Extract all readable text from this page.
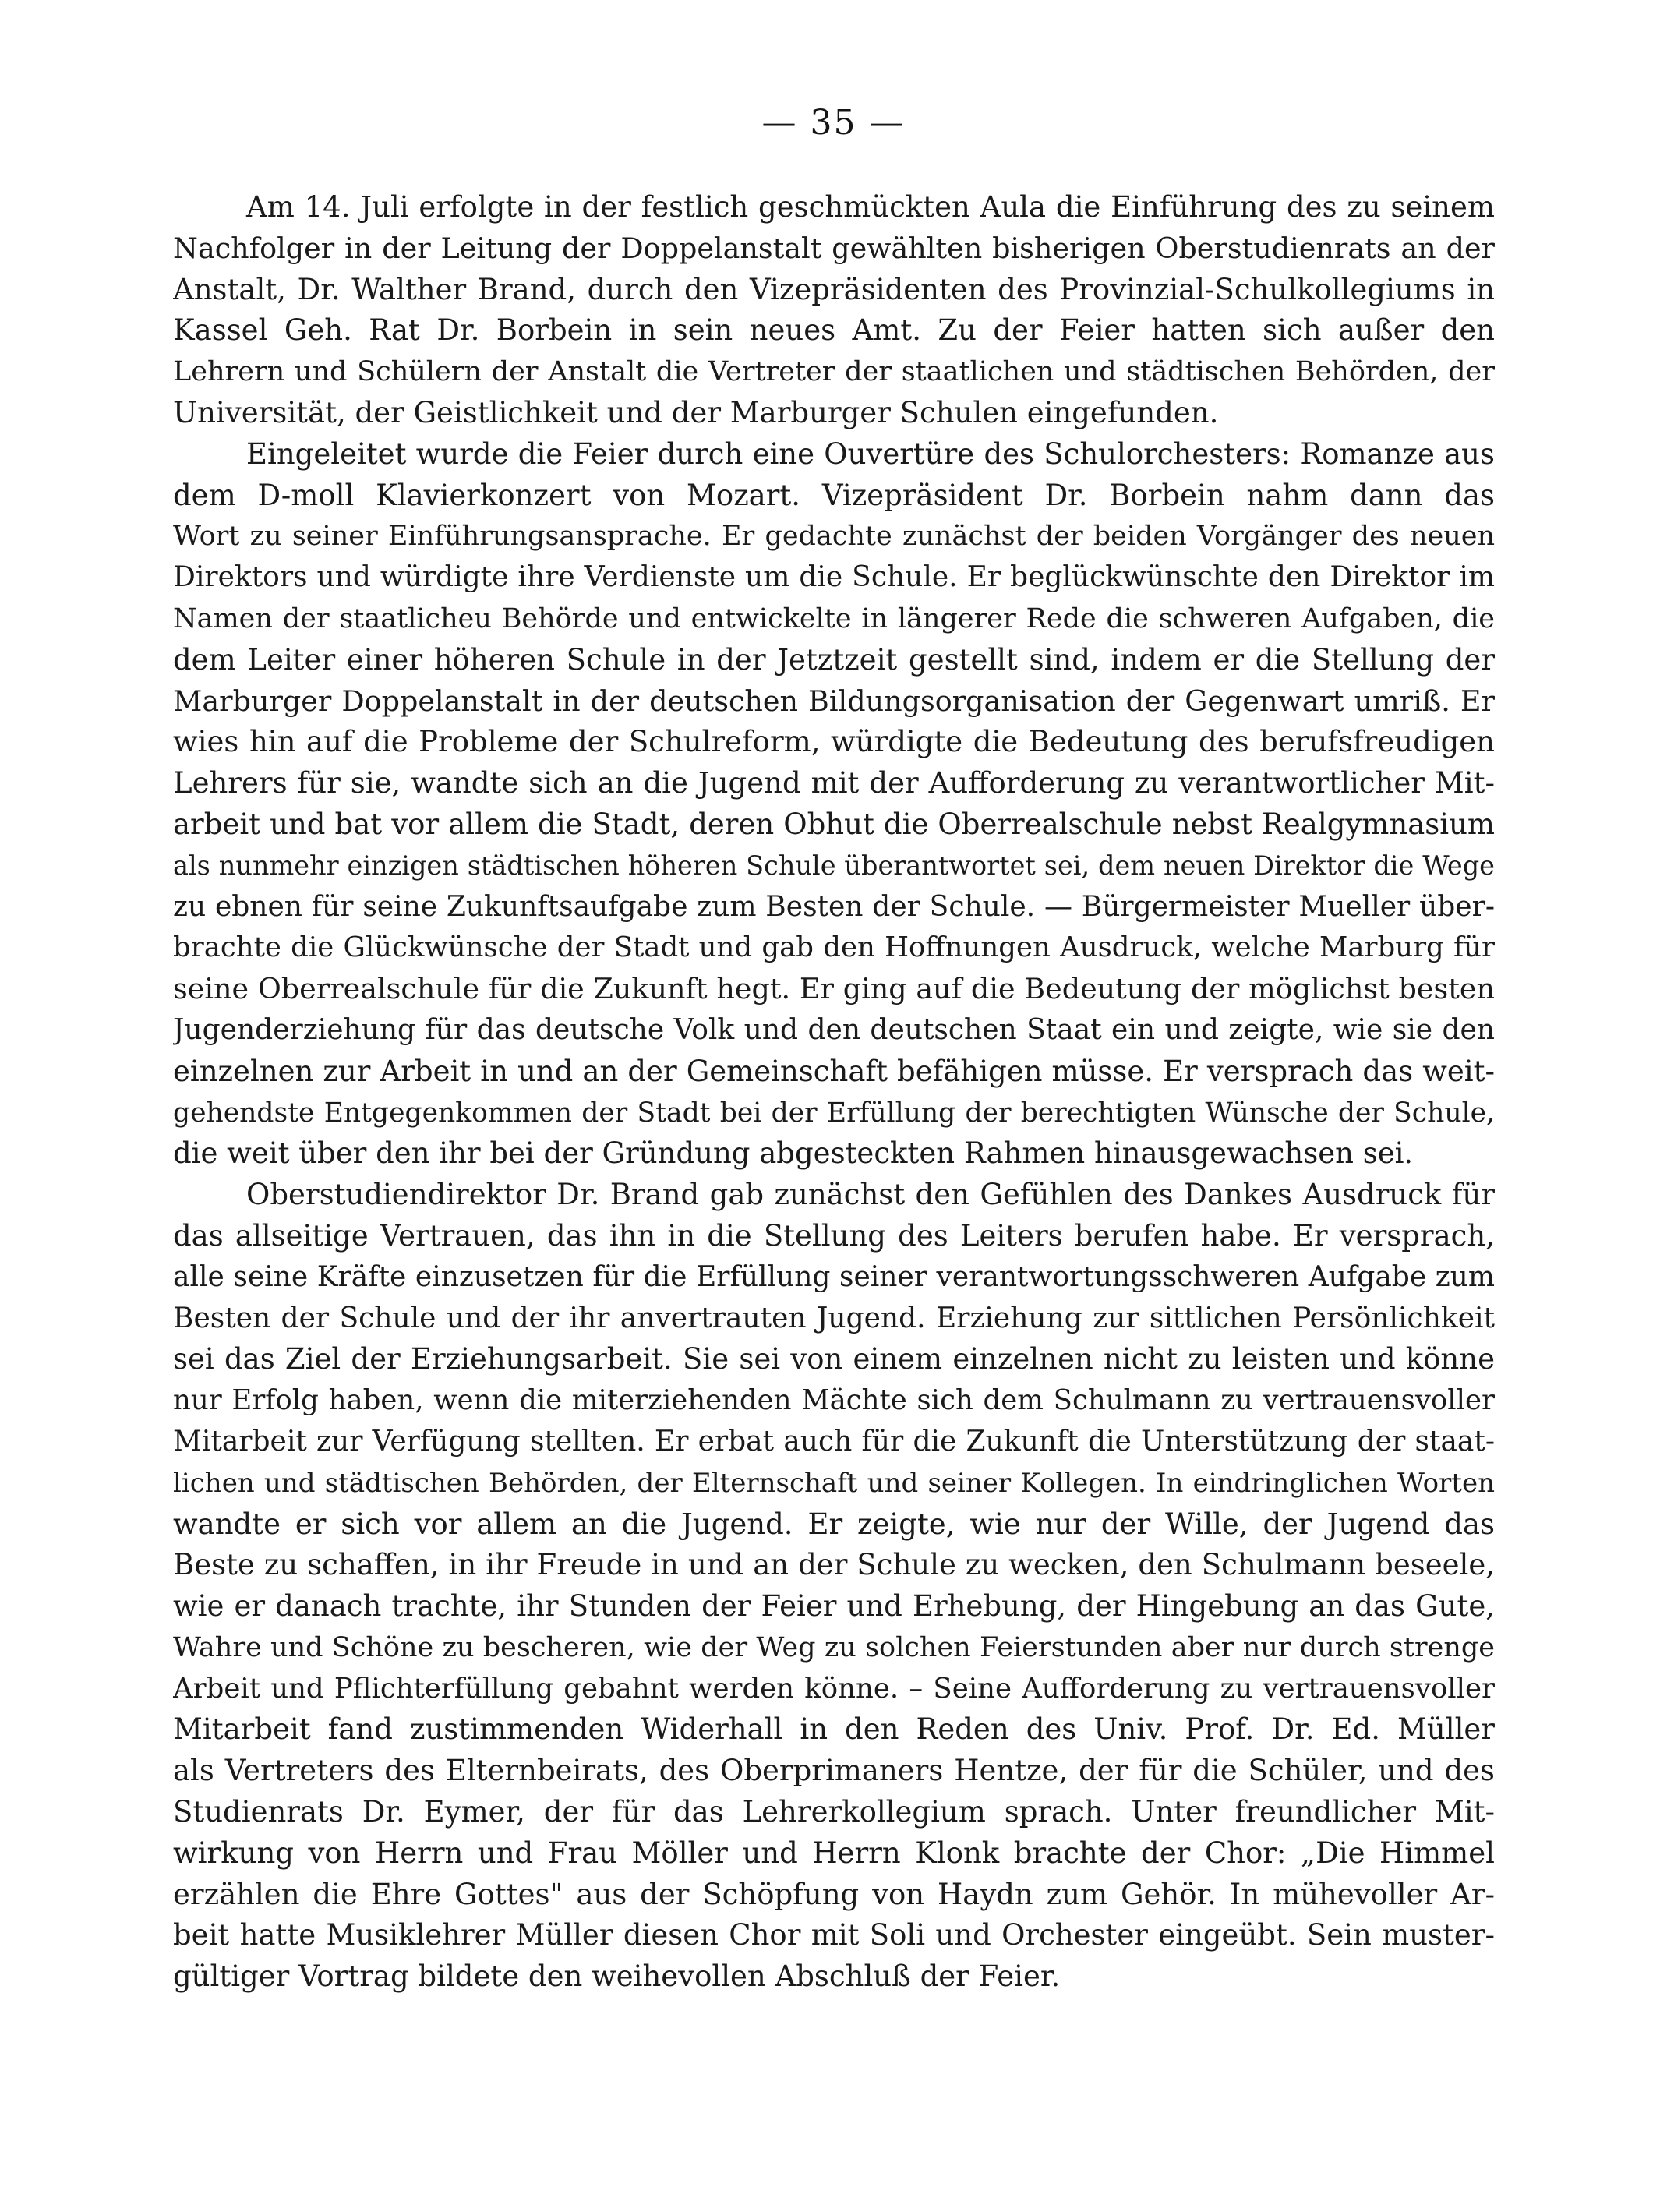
— 35 —
Am 14. Juli erfolgte in der festlich geschmückten Aula die Einführung des zu seinem
Nachfolger in der Leitung der Doppelanstalt gewählten bisherigen Oberstudienrats an der
Anstalt, Dr. Walther Brand, durch den Vizepräsidenten des Provinzial-Schulkollegiums in
Kassel Geh. Rat Dr. Borbein in sein neues Amt. Zu der Feier hatten sich außer den
Lehrern und Schülern der Anstalt die Vertreter der staatlichen und städtischen Behörden, der
Universität, der Geistlichkeit und der Marburger Schulen eingefunden.
Eingeleitet wurde die Feier durch eine Ouvertüre des Schulorchesters: Romanze aus
dem D-moll Klavierkonzert von Mozart. Vizepräsident Dr. Borbein nahm dann das
Wort zu seiner Einführungsansprache. Er gedachte zunächst der beiden Vorgänger des neuen
Direktors und würdigte ihre Verdienste um die Schule. Er beglückwünschte den Direktor im
Namen der staatlicheu Behörde und entwickelte in längerer Rede die schweren Aufgaben, die
dem Leiter einer höheren Schule in der Jetztzeit gestellt sind, indem er die Stellung der
Marburger Doppelanstalt in der deutschen Bildungsorganisation der Gegenwart umriß. Er
wies hin auf die Probleme der Schulreform, würdigte die Bedeutung des berufsfreudigen
Lehrers für sie, wandte sich an die Jugend mit der Aufforderung zu verantwortlicher Mit-
arbeit und bat vor allem die Stadt, deren Obhut die Oberrealschule nebst Realgymnasium
als nunmehr einzigen städtischen höheren Schule überantwortet sei, dem neuen Direktor die Wege
zu ebnen für seine Zukunftsaufgabe zum Besten der Schule. — Bürgermeister Mueller über-
brachte die Glückwünsche der Stadt und gab den Hoffnungen Ausdruck, welche Marburg für
seine Oberrealschule für die Zukunft hegt. Er ging auf die Bedeutung der möglichst besten
Jugenderziehung für das deutsche Volk und den deutschen Staat ein und zeigte, wie sie den
einzelnen zur Arbeit in und an der Gemeinschaft befähigen müsse. Er versprach das weit-
gehendste Entgegenkommen der Stadt bei der Erfüllung der berechtigten Wünsche der Schule,
die weit über den ihr bei der Gründung abgesteckten Rahmen hinausgewachsen sei.
Oberstudiendirektor Dr. Brand gab zunächst den Gefühlen des Dankes Ausdruck für
das allseitige Vertrauen, das ihn in die Stellung des Leiters berufen habe. Er versprach,
alle seine Kräfte einzusetzen für die Erfüllung seiner verantwortungsschweren Aufgabe zum
Besten der Schule und der ihr anvertrauten Jugend. Erziehung zur sittlichen Persönlichkeit
sei das Ziel der Erziehungsarbeit. Sie sei von einem einzelnen nicht zu leisten und könne
nur Erfolg haben, wenn die miterziehenden Mächte sich dem Schulmann zu vertrauensvoller
Mitarbeit zur Verfügung stellten. Er erbat auch für die Zukunft die Unterstützung der staat-
lichen und städtischen Behörden, der Elternschaft und seiner Kollegen. In eindringlichen Worten
wandte er sich vor allem an die Jugend. Er zeigte, wie nur der Wille, der Jugend das
Beste zu schaffen, in ihr Freude in und an der Schule zu wecken, den Schulmann beseele,
wie er danach trachte, ihr Stunden der Feier und Erhebung, der Hingebung an das Gute,
Wahre und Schöne zu bescheren, wie der Weg zu solchen Feierstunden aber nur durch strenge
Arbeit und Pflichterfüllung gebahnt werden könne. – Seine Aufforderung zu vertrauensvoller
Mitarbeit fand zustimmenden Widerhall in den Reden des Univ. Prof. Dr. Ed. Müller
als Vertreters des Elternbeirats, des Oberprimaners Hentze, der für die Schüler, und des
Studienrats Dr. Eymer, der für das Lehrerkollegium sprach. Unter freundlicher Mit-
wirkung von Herrn und Frau Möller und Herrn Klonk brachte der Chor: „Die Himmel
erzählen die Ehre Gottes" aus der Schöpfung von Haydn zum Gehör. In mühevoller Ar-
beit hatte Musiklehrer Müller diesen Chor mit Soli und Orchester eingeübt. Sein muster-
gültiger Vortrag bildete den weihevollen Abschluß der Feier.
